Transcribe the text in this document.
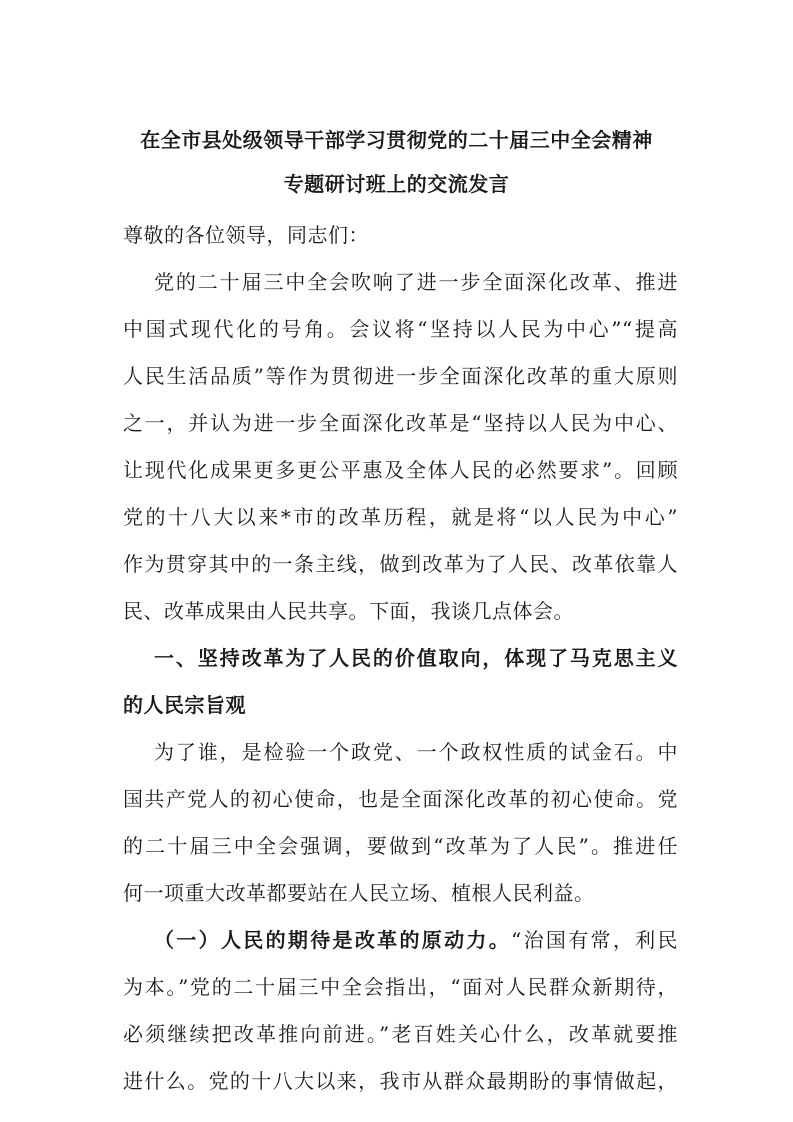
在全市县处级领导干部学习贯彻党的二十届三中全会精神
专题研讨班上的交流发言
尊敬的各位领导，同志们：
党的二十届三中全会吹响了进一步全面深化改革、推进
中国式现代化的号角。会议将“坚持以人民为中心”“提高
人民生活品质”等作为贯彻进一步全面深化改革的重大原则
之一，并认为进一步全面深化改革是“坚持以人民为中心、
让现代化成果更多更公平惠及全体人民的必然要求”。回顾
党的十八大以来*市的改革历程，就是将“以人民为中心”
作为贯穿其中的一条主线，做到改革为了人民、改革依靠人
民、改革成果由人民共享。下面，我谈几点体会。
一、坚持改革为了人民的价值取向，体现了马克思主义
的人民宗旨观
为了谁，是检验一个政党、一个政权性质的试金石。中
国共产党人的初心使命，也是全面深化改革的初心使命。党
的二十届三中全会强调，要做到“改革为了人民”。推进任
何一项重大改革都要站在人民立场、植根人民利益。
（一）人民的期待是改革的原动力。“治国有常，利民
为本。”党的二十届三中全会指出，“面对人民群众新期待，
必须继续把改革推向前进。”老百姓关心什么，改革就要推
进什么。党的十八大以来，我市从群众最期盼的事情做起，
